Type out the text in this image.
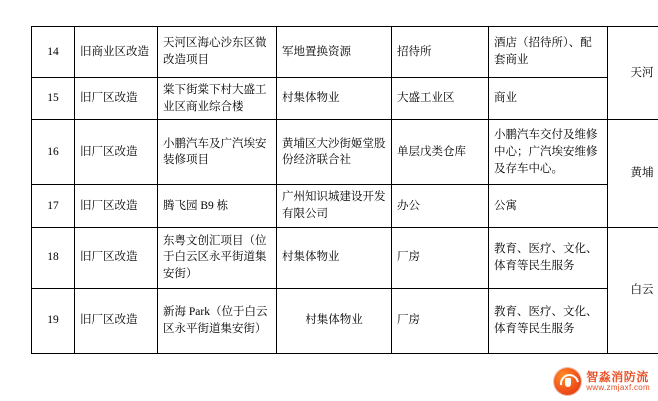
14	旧商业区改造	天河区海心沙东区微改造项目	军地置换资源	招待所	酒店（招待所）、配套商业	天河
15	旧厂区改造	棠下街棠下村大盛工业区商业综合楼	村集体物业	大盛工业区	商业	
16	旧厂区改造	小鹏汽车及广汽埃安装修项目	黄埔区大沙街姬堂股份经济联合社	单层戊类仓库	小鹏汽车交付及维修中心；广汽埃安维修及存车中心。	黄埔
17	旧厂区改造	腾飞园 B9 栋	广州知识城建设开发有限公司	办公	公寓	
18	旧厂区改造	东粤文创汇项目（位于白云区永平街道集安街）	村集体物业	厂房	教育、医疗、文化、体育等民生服务	白云
19	旧厂区改造	新海 Park（位于白云区永平街道集安街）	村集体物业	厂房	教育、医疗、文化、体育等民生服务	
智淼消防流
www.zmjaxf.com
